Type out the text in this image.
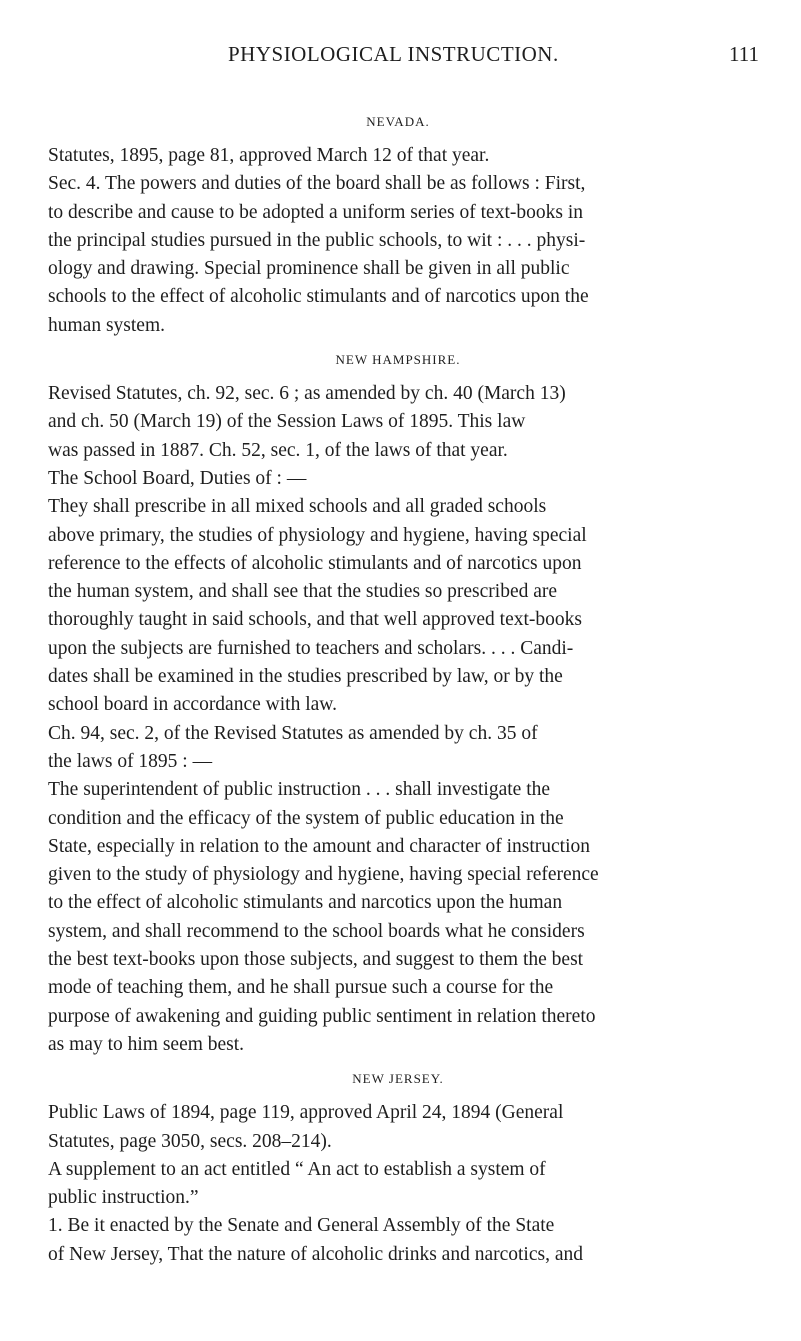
PHYSIOLOGICAL INSTRUCTION.	111
NEVADA.
Statutes, 1895, page 81, approved March 12 of that year.
Sec. 4. The powers and duties of the board shall be as follows : First,
to describe and cause to be adopted a uniform series of text-books in
the principal studies pursued in the public schools, to wit : . . . physi-
ology and drawing. Special prominence shall be given in all public
schools to the effect of alcoholic stimulants and of narcotics upon the
human system.
NEW HAMPSHIRE.
Revised Statutes, ch. 92, sec. 6 ; as amended by ch. 40 (March 13)
and ch. 50 (March 19) of the Session Laws of 1895. This law
was passed in 1887. Ch. 52, sec. 1, of the laws of that year.
The School Board, Duties of : —
They shall prescribe in all mixed schools and all graded schools
above primary, the studies of physiology and hygiene, having special
reference to the effects of alcoholic stimulants and of narcotics upon
the human system, and shall see that the studies so prescribed are
thoroughly taught in said schools, and that well approved text-books
upon the subjects are furnished to teachers and scholars. . . . Candi-
dates shall be examined in the studies prescribed by law, or by the
school board in accordance with law.
Ch. 94, sec. 2, of the Revised Statutes as amended by ch. 35 of
the laws of 1895 : —
The superintendent of public instruction . . . shall investigate the
condition and the efficacy of the system of public education in the
State, especially in relation to the amount and character of instruction
given to the study of physiology and hygiene, having special reference
to the effect of alcoholic stimulants and narcotics upon the human
system, and shall recommend to the school boards what he considers
the best text-books upon those subjects, and suggest to them the best
mode of teaching them, and he shall pursue such a course for the
purpose of awakening and guiding public sentiment in relation thereto
as may to him seem best.
NEW JERSEY.
Public Laws of 1894, page 119, approved April 24, 1894 (General
Statutes, page 3050, secs. 208–214).
A supplement to an act entitled “ An act to establish a system of
public instruction.”
1. Be it enacted by the Senate and General Assembly of the State
of New Jersey, That the nature of alcoholic drinks and narcotics, and
